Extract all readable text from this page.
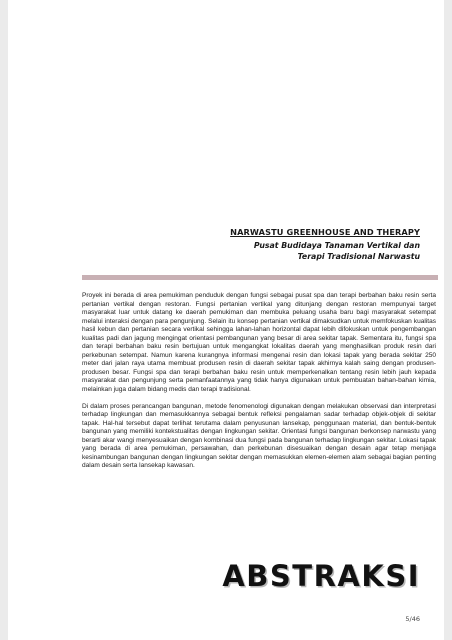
NARWASTU GREENHOUSE AND THERAPY
Pusat Budidaya Tanaman Vertikal dan
Terapi Tradisional Narwastu

Proyek ini berada di area pemukiman penduduk dengan fungsi sebagai pusat spa dan terapi berbahan baku resin serta pertanian vertikal dengan restoran. Fungsi pertanian vertikal yang ditunjang dengan restoran mempunyai target masyarakat luar untuk datang ke daerah pemukiman dan membuka peluang usaha baru bagi masyarakat setempat melalui interaksi dengan para pengunjung. Selain itu konsep pertanian vertikal dimaksudkan untuk memfokuskan kualitas hasil kebun dan pertanian secara vertikal sehingga lahan-lahan horizontal dapat lebih difokuskan untuk pengembangan kualitas padi dan jagung mengingat orientasi pembangunan yang besar di area sekitar tapak. Sementara itu, fungsi spa dan terapi berbahan baku resin bertujuan untuk mengangkat lokalitas daerah yang menghasilkan produk resin dari perkebunan setempat. Namun karena kurangnya informasi mengenai resin dan lokasi tapak yang berada sekitar 250 meter dari jalan raya utama membuat produsen resin di daerah sekitar tapak akhirnya kalah saing dengan produsen-produsen besar. Fungsi spa dan terapi berbahan baku resin untuk memperkenalkan tentang resin lebih jauh kepada masyarakat dan pengunjung serta pemanfaatannya yang tidak hanya digunakan untuk pembuatan bahan-bahan kimia, melainkan juga dalam bidang medis dan terapi tradisional.

Di dalam proses perancangan bangunan, metode fenomenologi digunakan dengan melakukan observasi dan interpretasi terhadap lingkungan dan memasukkannya sebagai bentuk refleksi pengalaman sadar terhadap objek-objek di sekitar tapak. Hal-hal tersebut dapat terlihat terutama dalam penyusunan lansekap, penggunaan material, dan bentuk-bentuk bangunan yang memiliki kontekstualitas dengan lingkungan sekitar. Orientasi fungsi bangunan berkonsep narwastu yang berarti akar wangi menyesuaikan dengan kombinasi dua fungsi pada bangunan terhadap lingkungan sekitar. Lokasi tapak yang berada di area pemukiman, persawahan, dan perkebunan disesuaikan dengan desain agar tetap menjaga kesinambungan bangunan dengan lingkungan sekitar dengan memasukkan elemen-elemen alam sebagai bagian penting dalam desain serta lansekap kawasan.

ABSTRAKSI
5/46
